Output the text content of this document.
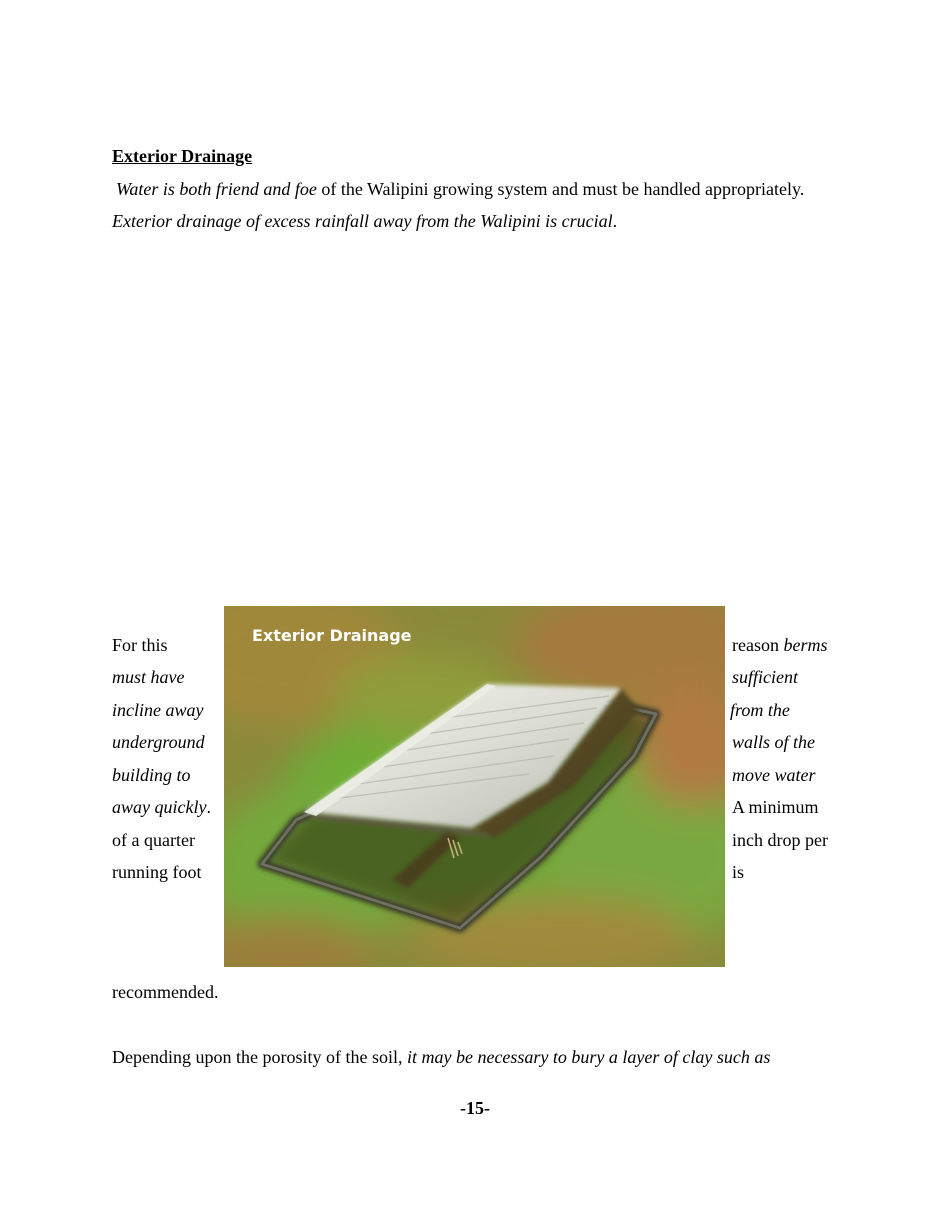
Exterior Drainage
Water is both friend and foe of the Walipini growing system and must be handled appropriately.
Exterior drainage of excess rainfall away from the Walipini is crucial.
Exterior Drainage
For this
must have
incline away
underground
building to
away quickly.
of a quarter
running foot
reason berms
sufficient
from the
walls of the
move water
A minimum
inch drop per
is
recommended.
Depending upon the porosity of the soil, it may be necessary to bury a layer of clay such as
-15-
